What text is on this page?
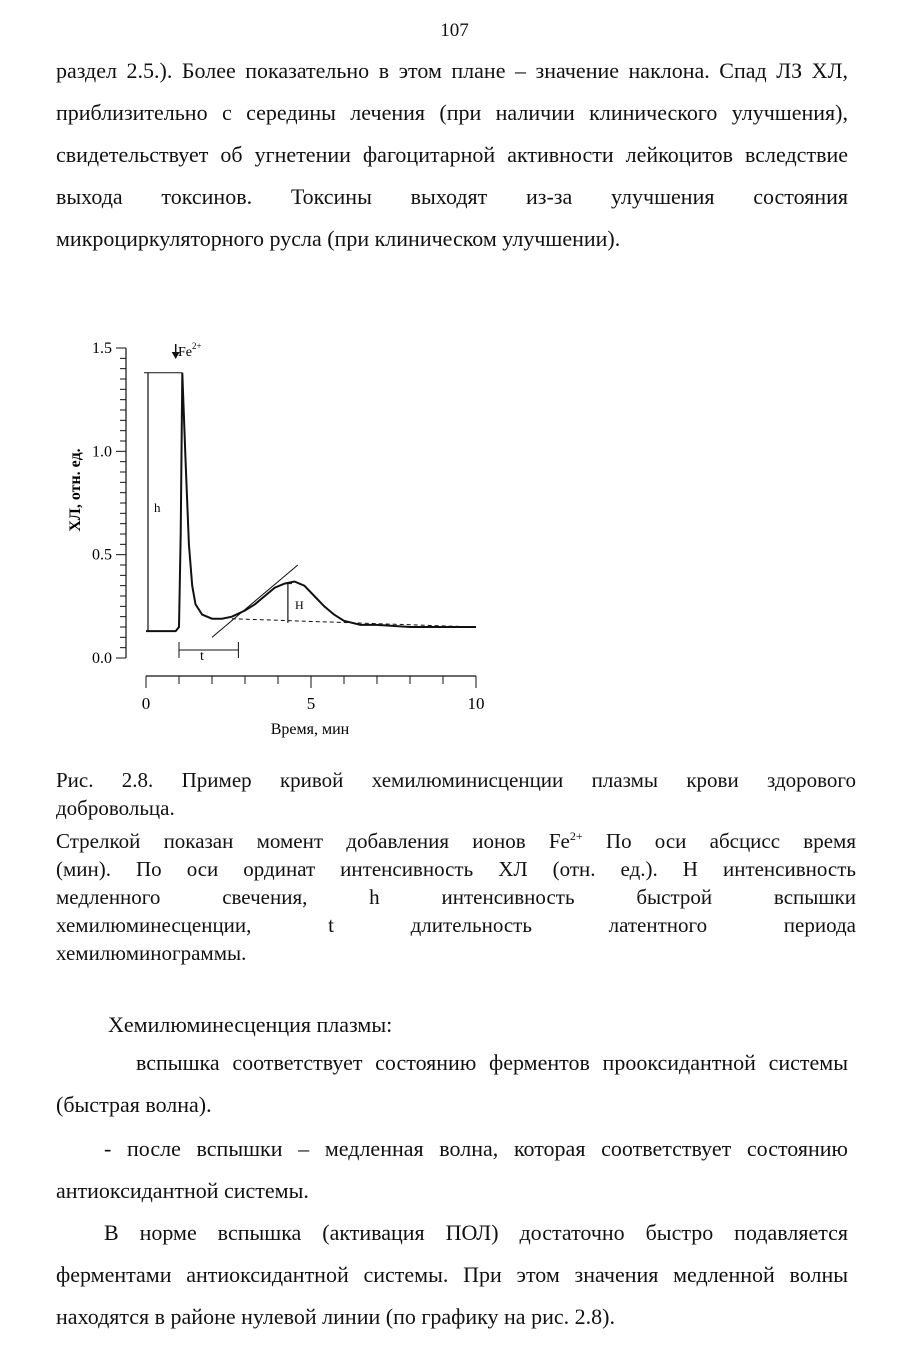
107

раздел 2.5.). Более показательно в этом плане – значение наклона. Спад ЛЗ ХЛ, приблизительно с середины лечения (при наличии клинического улучшения), свидетельствует об угнетении фагоцитарной активности лейкоцитов вследствие выхода токсинов. Токсины выходят из-за улучшения состояния микроциркуляторного русла (при клиническом улучшении).

0.0
0.5
1.0
1.5
0	5	10
ХЛ, отн. ед.
Время, мин
$Fe^{2+}$
h
H
t
Рис. 2.8. Пример кривой хемилюминисценции плазмы крови здорового
добровольца.
Стрелкой показан момент добавления ионов $Fe^{2+}$ По оси абсцисс время
(мин). По оси ординат интенсивность ХЛ (отн. ед.). H интенсивность
медленного свечения, h интенсивность быстрой вспышки
хемилюминесценции, t длительность латентного периода
хемилюминограммы.
Хемилюминесценция плазмы:

вспышка соответствует состоянию ферментов прооксидантной системы (быстрая волна).

- после вспышки – медленная волна, которая соответствует состоянию антиоксидантной системы.

В норме вспышка (активация ПОЛ) достаточно быстро подавляется ферментами антиоксидантной системы. При этом значения медленной волны находятся в районе нулевой линии (по графику на рис. 2.8).
